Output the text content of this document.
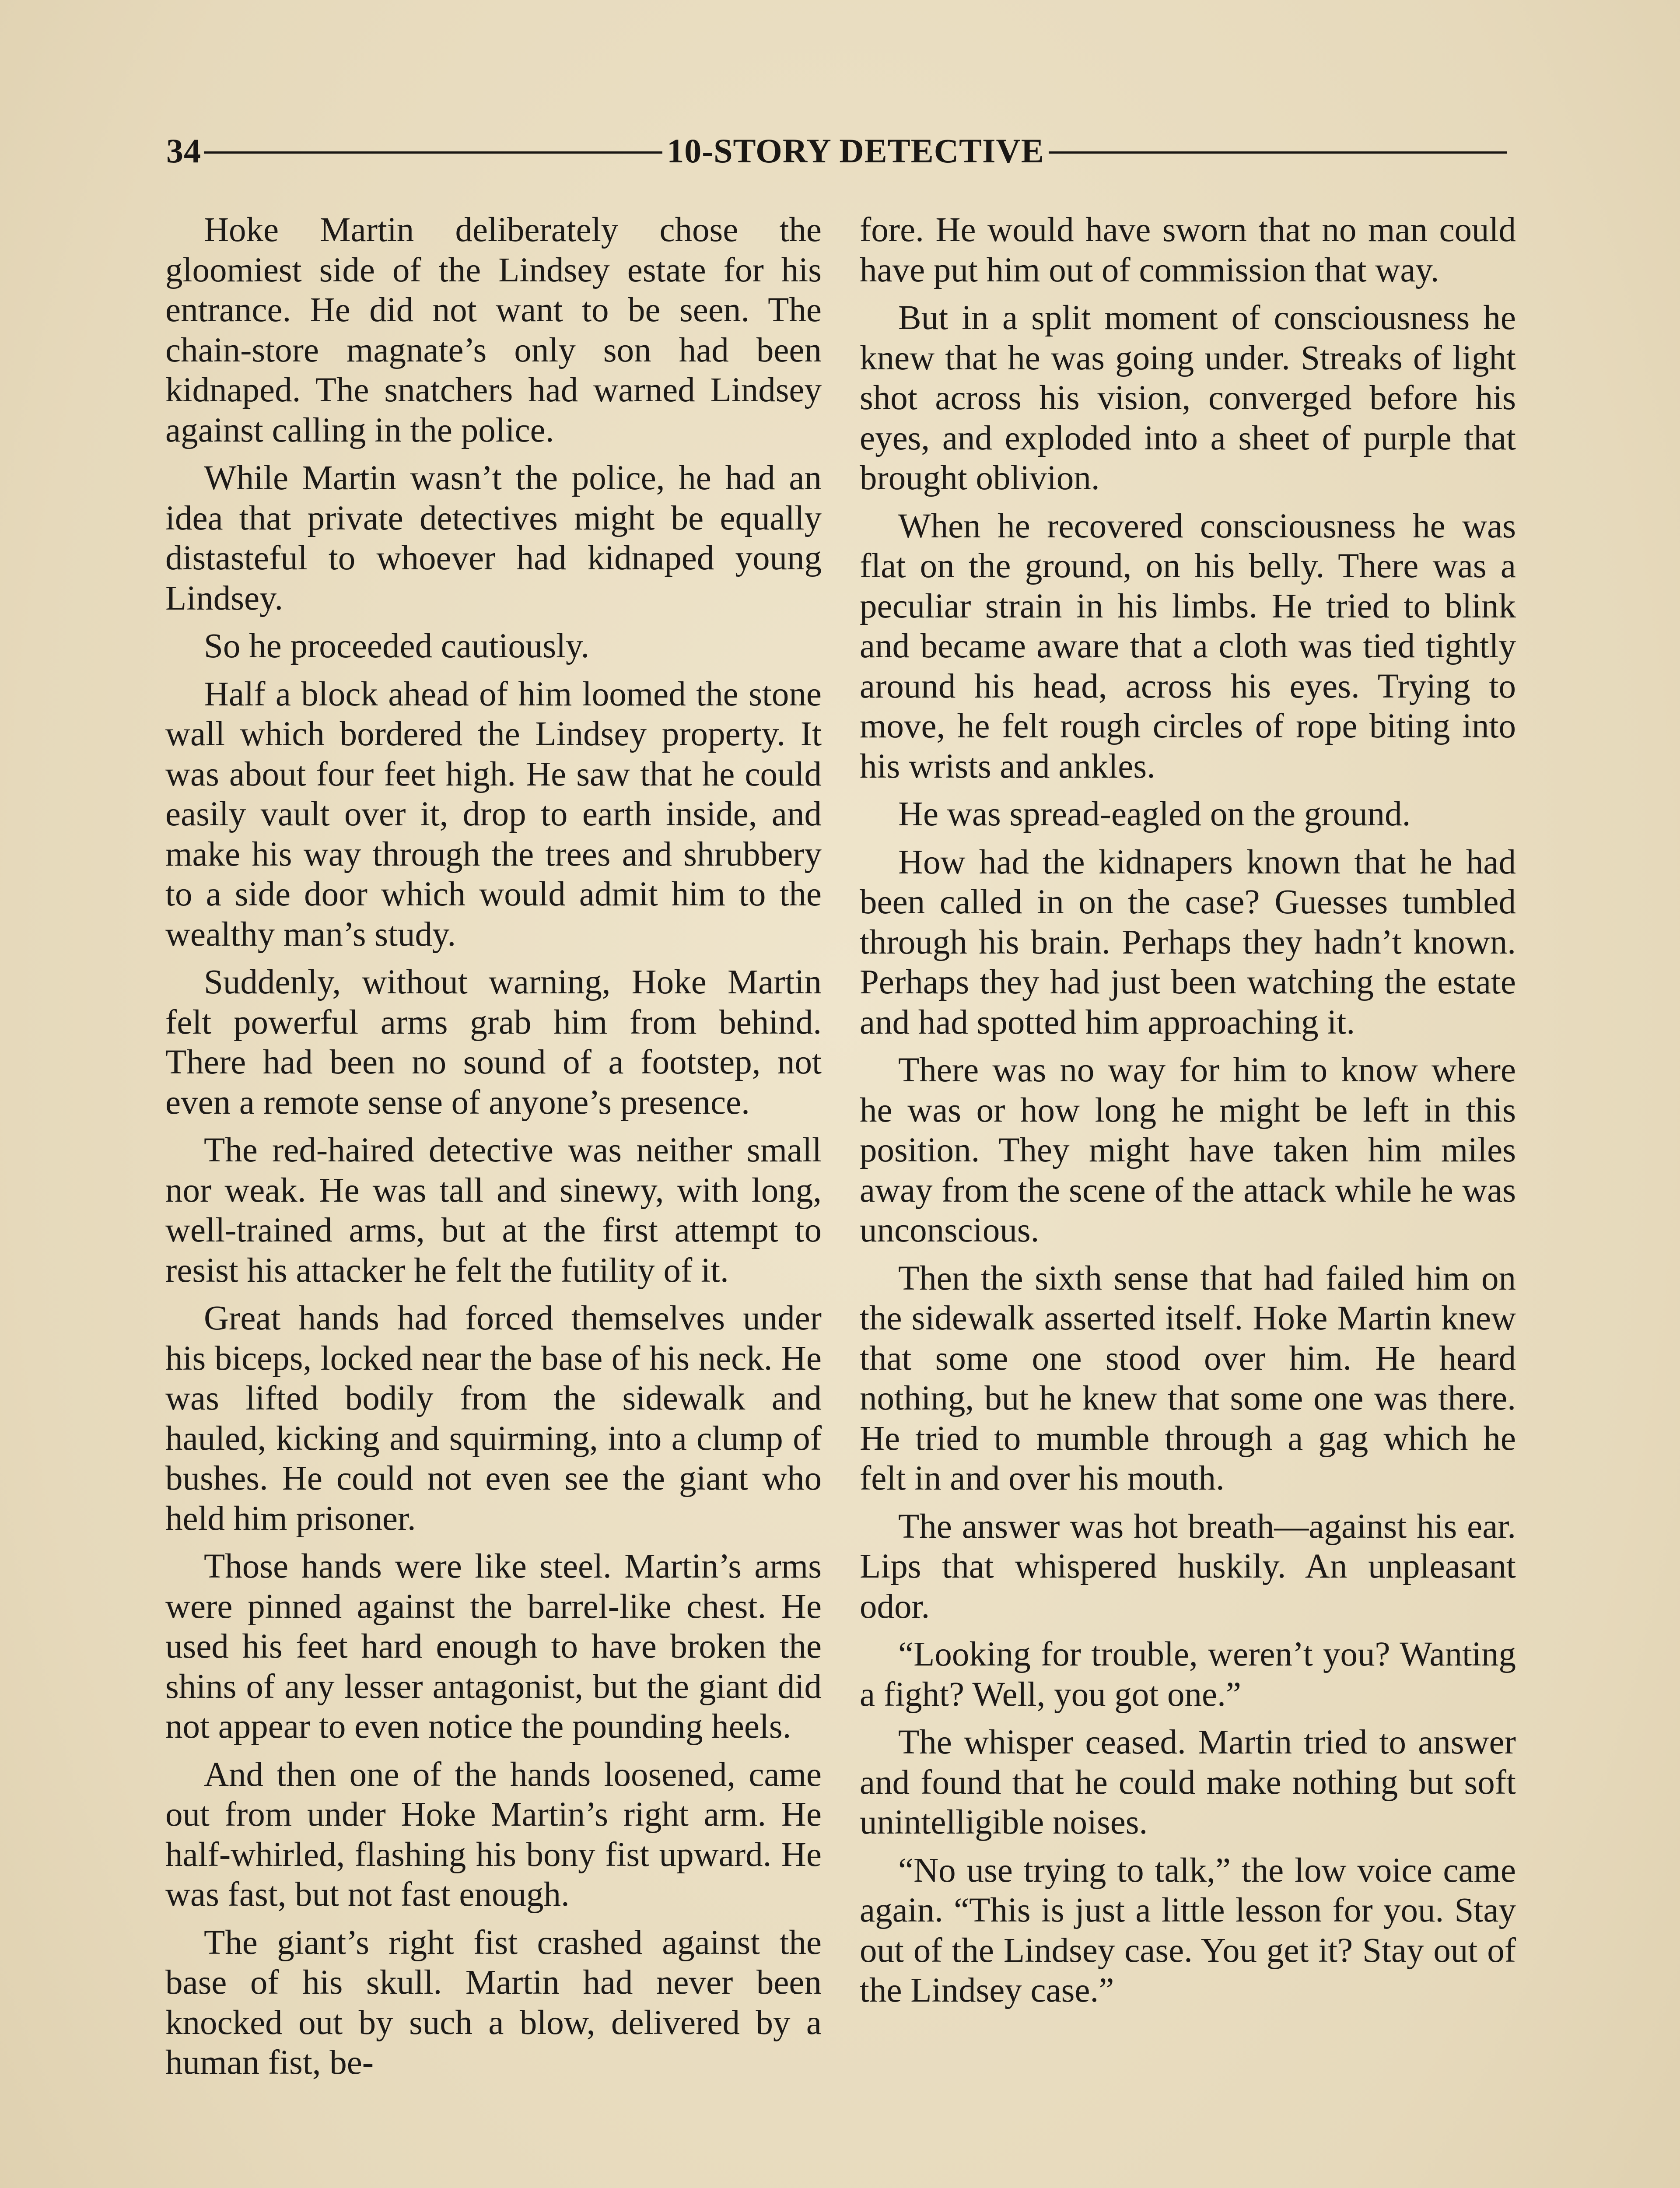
34	10-STORY DETECTIVE

Hoke Martin deliberately chose the gloomiest side of the Lindsey estate for his entrance. He did not want to be seen. The chain-store magnate’s only son had been kidnaped. The snatchers had warned Lindsey against calling in the police.

While Martin wasn’t the police, he had an idea that private detectives might be equally distasteful to whoever had kidnaped young Lindsey.

So he proceeded cautiously.

Half a block ahead of him loomed the stone wall which bordered the Lindsey property. It was about four feet high. He saw that he could easily vault over it, drop to earth inside, and make his way through the trees and shrubbery to a side door which would admit him to the wealthy man’s study.

Suddenly, without warning, Hoke Martin felt powerful arms grab him from behind. There had been no sound of a footstep, not even a remote sense of anyone’s presence.

The red-haired detective was neither small nor weak. He was tall and sinewy, with long, well-trained arms, but at the first attempt to resist his attacker he felt the futility of it.

Great hands had forced themselves under his biceps, locked near the base of his neck. He was lifted bodily from the sidewalk and hauled, kicking and squirming, into a clump of bushes. He could not even see the giant who held him prisoner.

Those hands were like steel. Martin’s arms were pinned against the barrel-like chest. He used his feet hard enough to have broken the shins of any lesser antagonist, but the giant did not appear to even notice the pounding heels.

And then one of the hands loosened, came out from under Hoke Martin’s right arm. He half-whirled, flashing his bony fist upward. He was fast, but not fast enough.

The giant’s right fist crashed against the base of his skull. Martin had never been knocked out by such a blow, delivered by a human fist, be-

fore. He would have sworn that no man could have put him out of commission that way.

But in a split moment of consciousness he knew that he was going under. Streaks of light shot across his vision, converged before his eyes, and exploded into a sheet of purple that brought oblivion.

When he recovered consciousness he was flat on the ground, on his belly. There was a peculiar strain in his limbs. He tried to blink and became aware that a cloth was tied tightly around his head, across his eyes. Trying to move, he felt rough circles of rope biting into his wrists and ankles.

He was spread-eagled on the ground.

How had the kidnapers known that he had been called in on the case? Guesses tumbled through his brain. Perhaps they hadn’t known. Perhaps they had just been watching the estate and had spotted him approaching it.

There was no way for him to know where he was or how long he might be left in this position. They might have taken him miles away from the scene of the attack while he was unconscious.

Then the sixth sense that had failed him on the sidewalk asserted itself. Hoke Martin knew that some one stood over him. He heard nothing, but he knew that some one was there. He tried to mumble through a gag which he felt in and over his mouth.

The answer was hot breath—against his ear. Lips that whispered huskily. An unpleasant odor.

“Looking for trouble, weren’t you? Wanting a fight? Well, you got one.”

The whisper ceased. Martin tried to answer and found that he could make nothing but soft unintelligible noises.

“No use trying to talk,” the low voice came again. “This is just a little lesson for you. Stay out of the Lindsey case. You get it? Stay out of the Lindsey case.”
